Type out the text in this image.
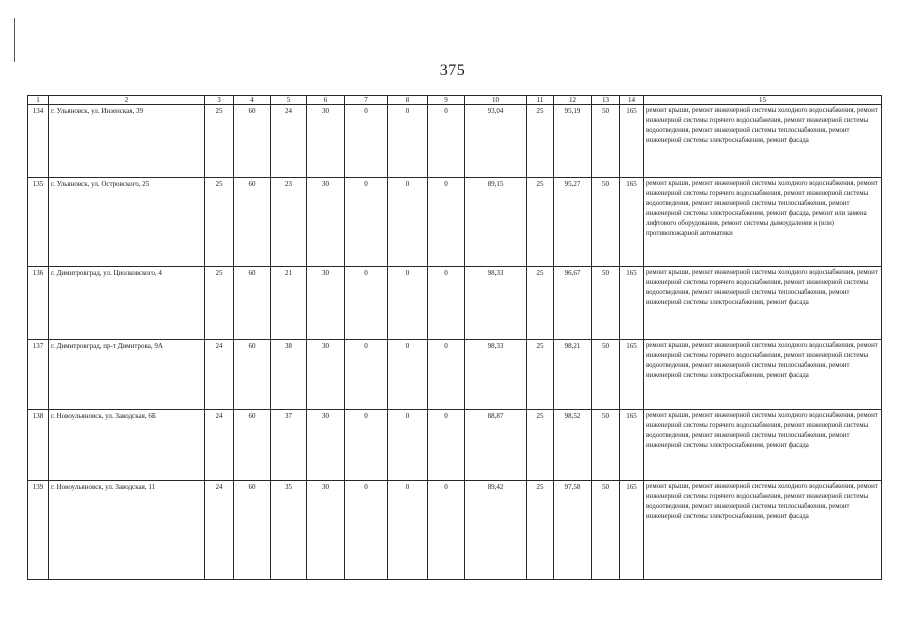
375
1	2	3	4	5	6	7	8	9	10	11	12	13	14	15
134	г. Ульяновск, ул. Инзенская, 39	25	60	24	30	0	0	0	93,04	25	95,19	50	165	ремонт крыши, ремонт инженерной системы холодного водоснабжения, ремонт инженерной системы горячего водоснабжения, ремонт инженерной системы водоотведения, ремонт инженерной системы теплоснабжения, ремонт инженерной системы электроснабжения, ремонт фасада
135	г. Ульяновск, ул. Островского, 25	25	60	23	30	0	0	0	89,15	25	95,27	50	165	ремонт крыши, ремонт инженерной системы холодного водоснабжения, ремонт инженерной системы горячего водоснабжения, ремонт инженерной системы водоотведения, ремонт инженерной системы теплоснабжения, ремонт инженерной системы электроснабжения, ремонт фасада, ремонт или замена лифтового оборудования, ремонт системы дымоудаления и (или) противопожарной автоматики
136	г. Димитровград, ул. Циолковского, 4	25	60	21	30	0	0	0	98,33	25	96,67	50	165	ремонт крыши, ремонт инженерной системы холодного водоснабжения, ремонт инженерной системы горячего водоснабжения, ремонт инженерной системы водоотведения, ремонт инженерной системы теплоснабжения, ремонт инженерной системы электроснабжения, ремонт фасада
137	г. Димитровград, пр-т Димитрова, 9А	24	60	38	30	0	0	0	98,33	25	98,21	50	165	ремонт крыши, ремонт инженерной системы холодного водоснабжения, ремонт инженерной системы горячего водоснабжения, ремонт инженерной системы водоотведения, ремонт инженерной системы теплоснабжения, ремонт инженерной системы электроснабжения, ремонт фасада
138	г. Новоульяновск, ул. Заводская, 6Б	24	60	37	30	0	0	0	88,87	25	98,52	50	165	ремонт крыши, ремонт инженерной системы холодного водоснабжения, ремонт инженерной системы горячего водоснабжения, ремонт инженерной системы водоотведения, ремонт инженерной системы теплоснабжения, ремонт инженерной системы электроснабжения, ремонт фасада
139	г. Новоульяновск, ул. Заводская, 11	24	60	35	30	0	0	0	89,42	25	97,58	50	165	ремонт крыши, ремонт инженерной системы холодного водоснабжения, ремонт инженерной системы горячего водоснабжения, ремонт инженерной системы водоотведения, ремонт инженерной системы теплоснабжения, ремонт инженерной системы электроснабжения, ремонт фасада
